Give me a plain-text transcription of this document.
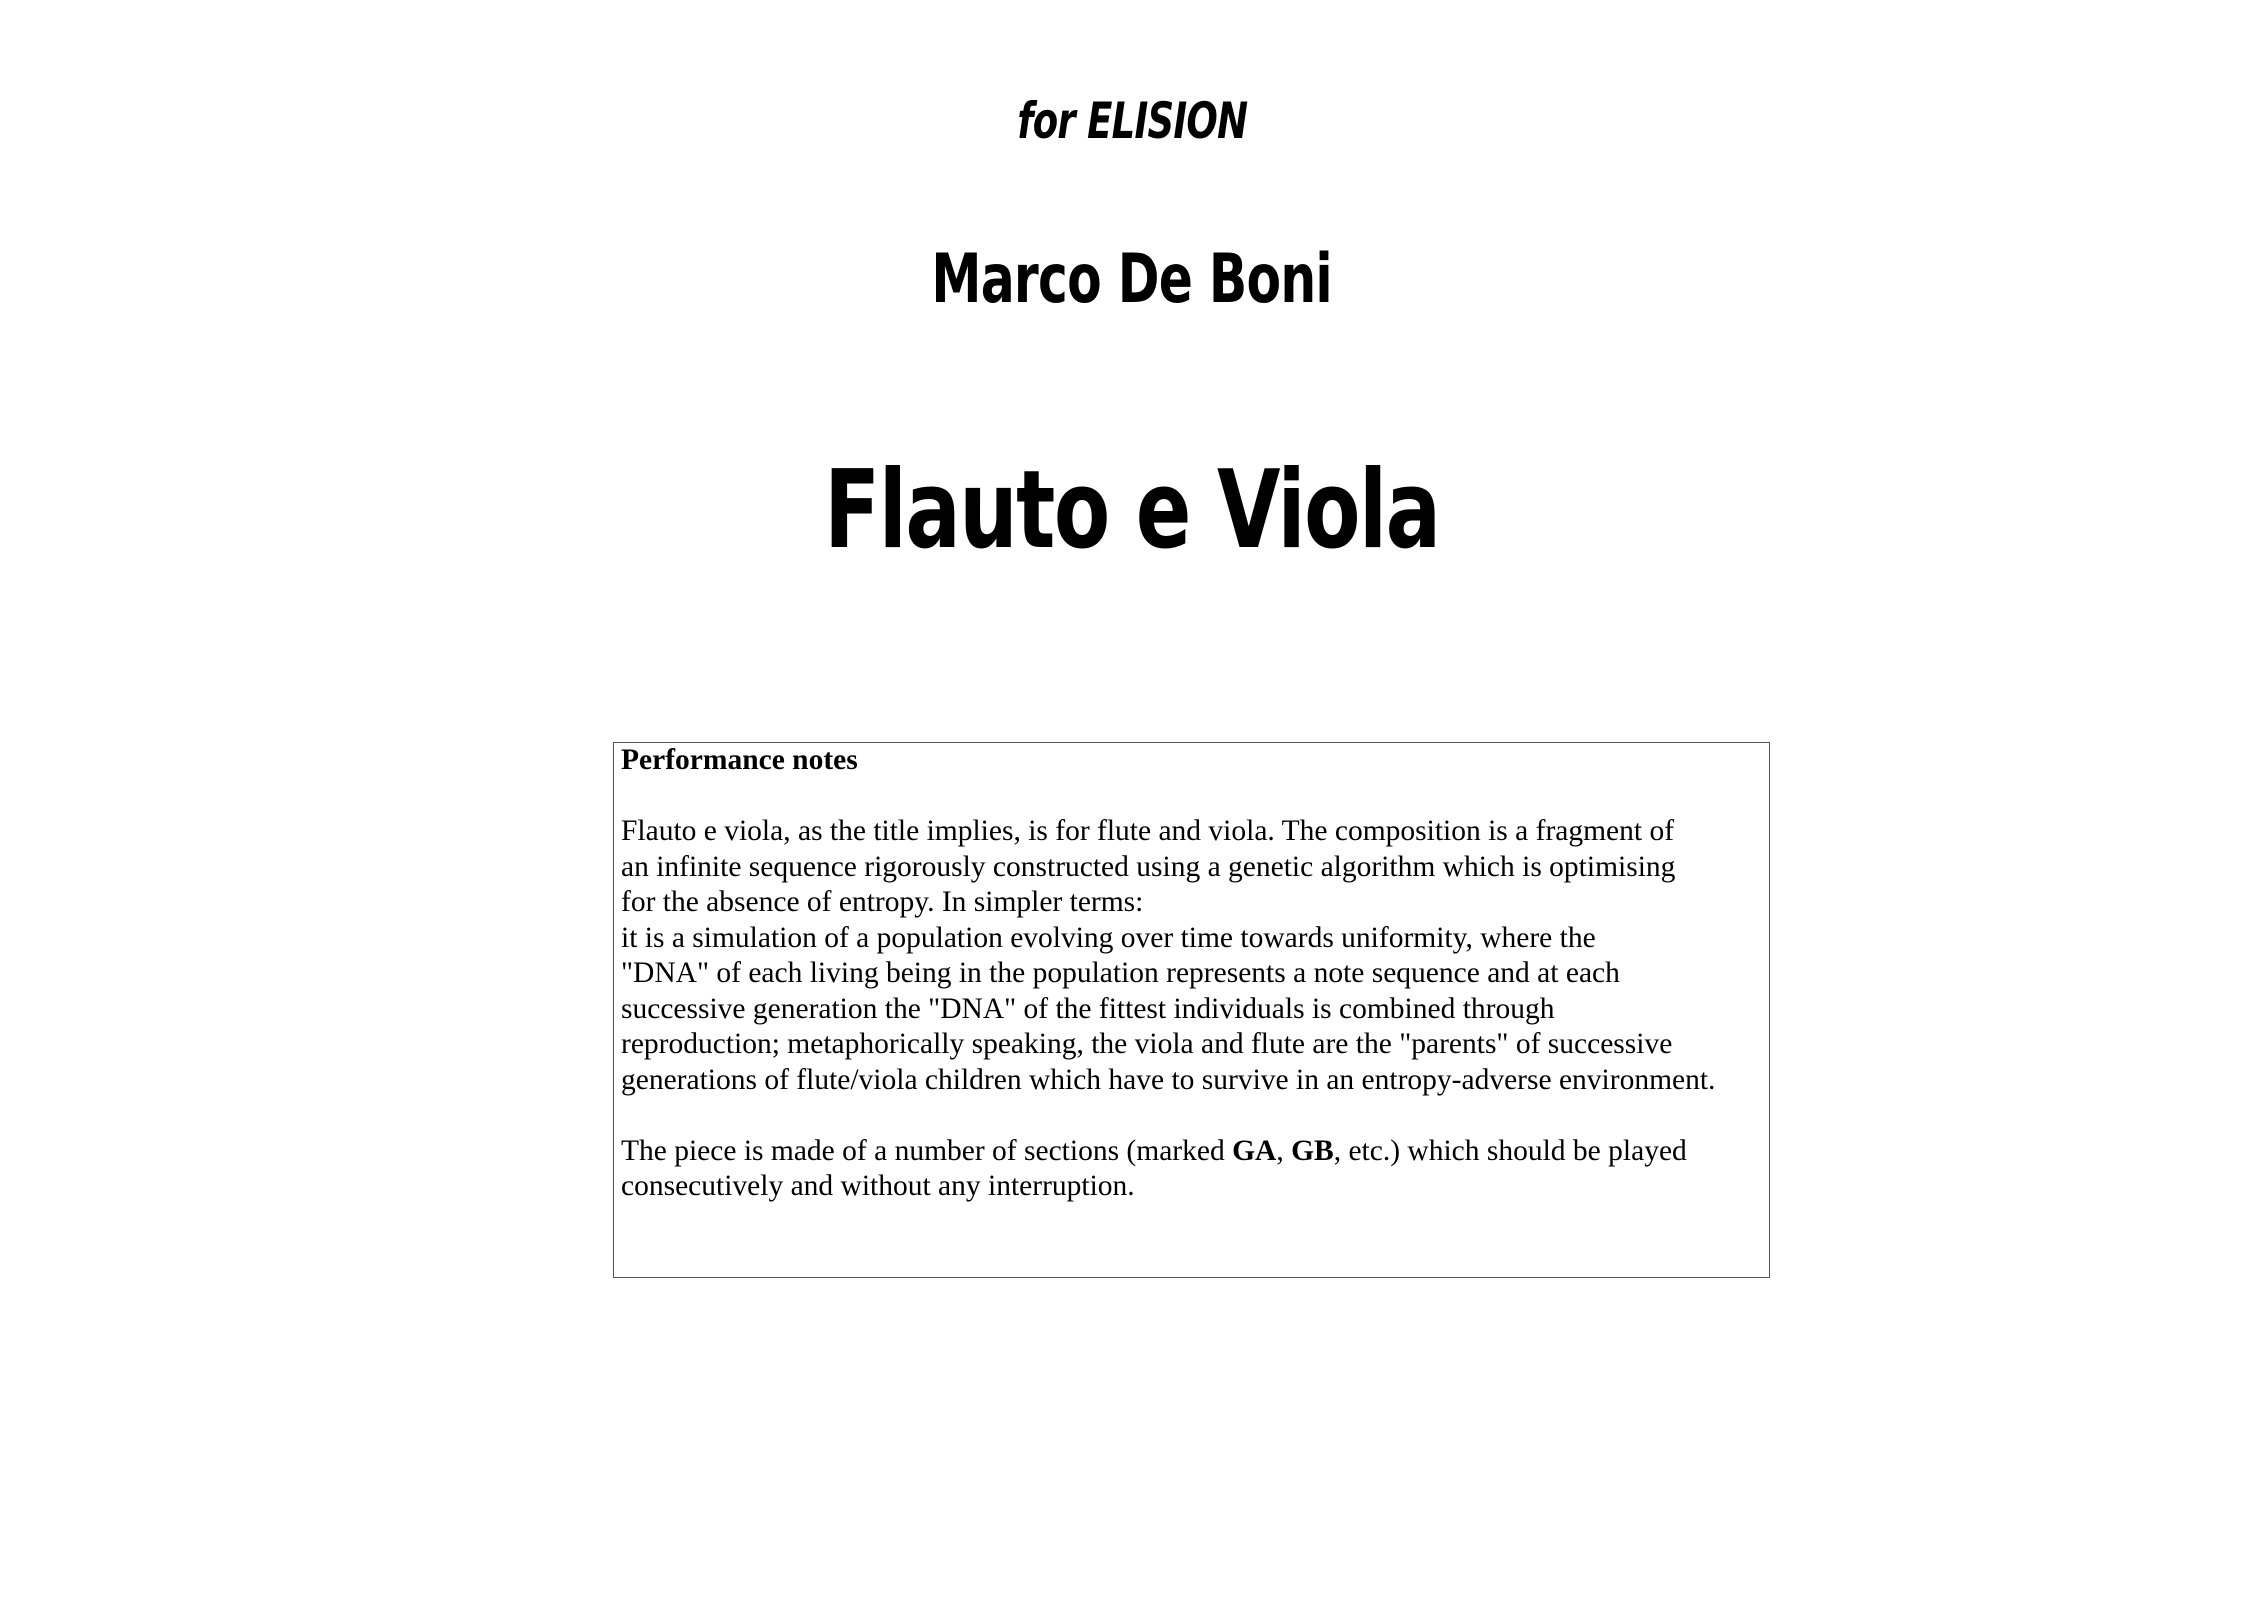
for ELISION
Marco De Boni
Flauto e Viola
Performance notes
Flauto e viola, as the title implies, is for flute and viola. The composition is a fragment of
an infinite sequence rigorously constructed using a genetic algorithm which is optimising
for the absence of entropy. In simpler terms:
it is a simulation of a population evolving over time towards uniformity, where the
"DNA" of each living being in the population represents a note sequence and at each
successive generation the "DNA" of the fittest individuals is combined through
reproduction; metaphorically speaking, the viola and flute are the "parents" of successive
generations of flute/viola children which have to survive in an entropy-adverse environment.
The piece is made of a number of sections (marked GA, GB, etc.) which should be played
consecutively and without any interruption.
